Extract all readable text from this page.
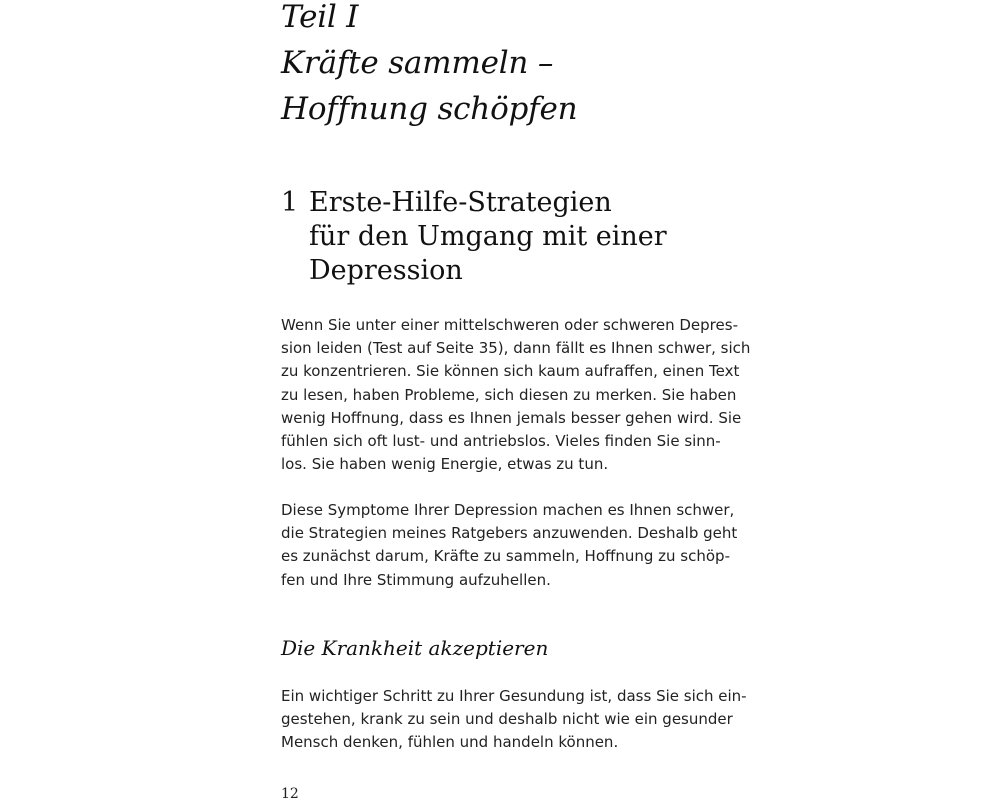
Teil I
Kräfte sammeln –
Hoffnung schöpfen
1 Erste-Hilfe-Strategien
für den Umgang mit einer
Depression

Wenn Sie unter einer mittelschweren oder schweren Depres-
sion leiden (Test auf Seite 35), dann fällt es Ihnen schwer, sich
zu konzentrieren. Sie können sich kaum aufraffen, einen Text
zu lesen, haben Probleme, sich diesen zu merken. Sie haben
wenig Hoffnung, dass es Ihnen jemals besser gehen wird. Sie
fühlen sich oft lust- und antriebslos. Vieles finden Sie sinn-
los. Sie haben wenig Energie, etwas zu tun.

Diese Symptome Ihrer Depression machen es Ihnen schwer,
die Strategien meines Ratgebers anzuwenden. Deshalb geht
es zunächst darum, Kräfte zu sammeln, Hoffnung zu schöp-
fen und Ihre Stimmung aufzuhellen.

Die Krankheit akzeptieren

Ein wichtiger Schritt zu Ihrer Gesundung ist, dass Sie sich ein-
gestehen, krank zu sein und deshalb nicht wie ein gesunder
Mensch denken, fühlen und handeln können.

12
